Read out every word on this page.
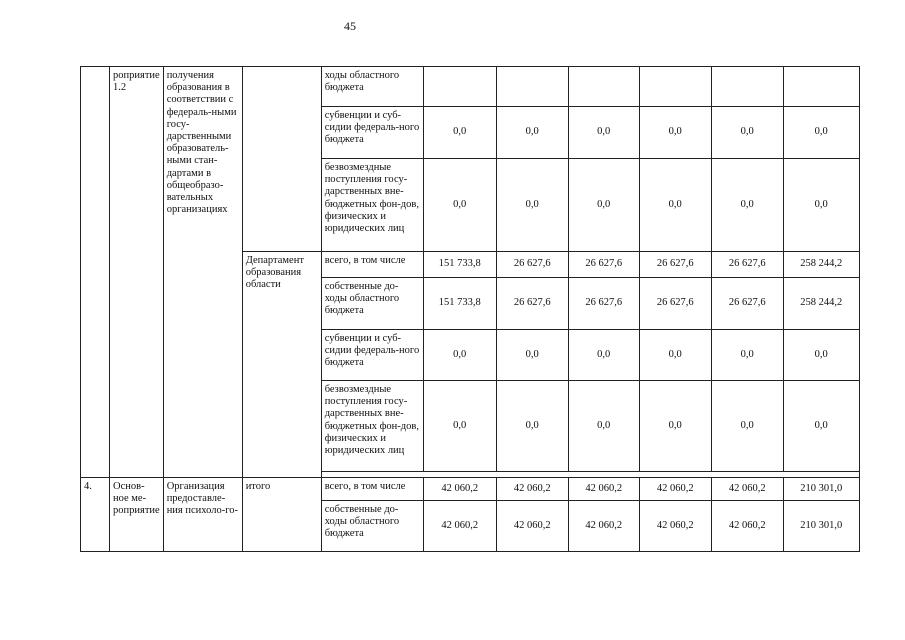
45
	роприятие 1.2	получения образования в соответствии с федераль-ными госу-дарственными образователь-ными стан-дартами в общеобразо-вательных организациях		ходы областного бюджета						
				субвенции и суб-сидии федераль-ного бюджета	0,0	0,0	0,0	0,0	0,0	0,0
				безвозмездные поступления госу-дарственных вне-бюджетных фон-дов, физических и юридических лиц	0,0	0,0	0,0	0,0	0,0	0,0
			Департамент образования области	всего, в том числе	151 733,8	26 627,6	26 627,6	26 627,6	26 627,6	258 244,2
				собственные до-ходы областного бюджета	151 733,8	26 627,6	26 627,6	26 627,6	26 627,6	258 244,2
				субвенции и суб-сидии федераль-ного бюджета	0,0	0,0	0,0	0,0	0,0	0,0
				безвозмездные поступления госу-дарственных вне-бюджетных фон-дов, физических и юридических лиц	0,0	0,0	0,0	0,0	0,0	0,0

4.	Основ-ное ме-роприятие	Организация предоставле-ния психоло-го-	итого	всего, в том числе	42 060,2	42 060,2	42 060,2	42 060,2	42 060,2	210 301,0
				собственные до-ходы областного бюджета	42 060,2	42 060,2	42 060,2	42 060,2	42 060,2	210 301,0
